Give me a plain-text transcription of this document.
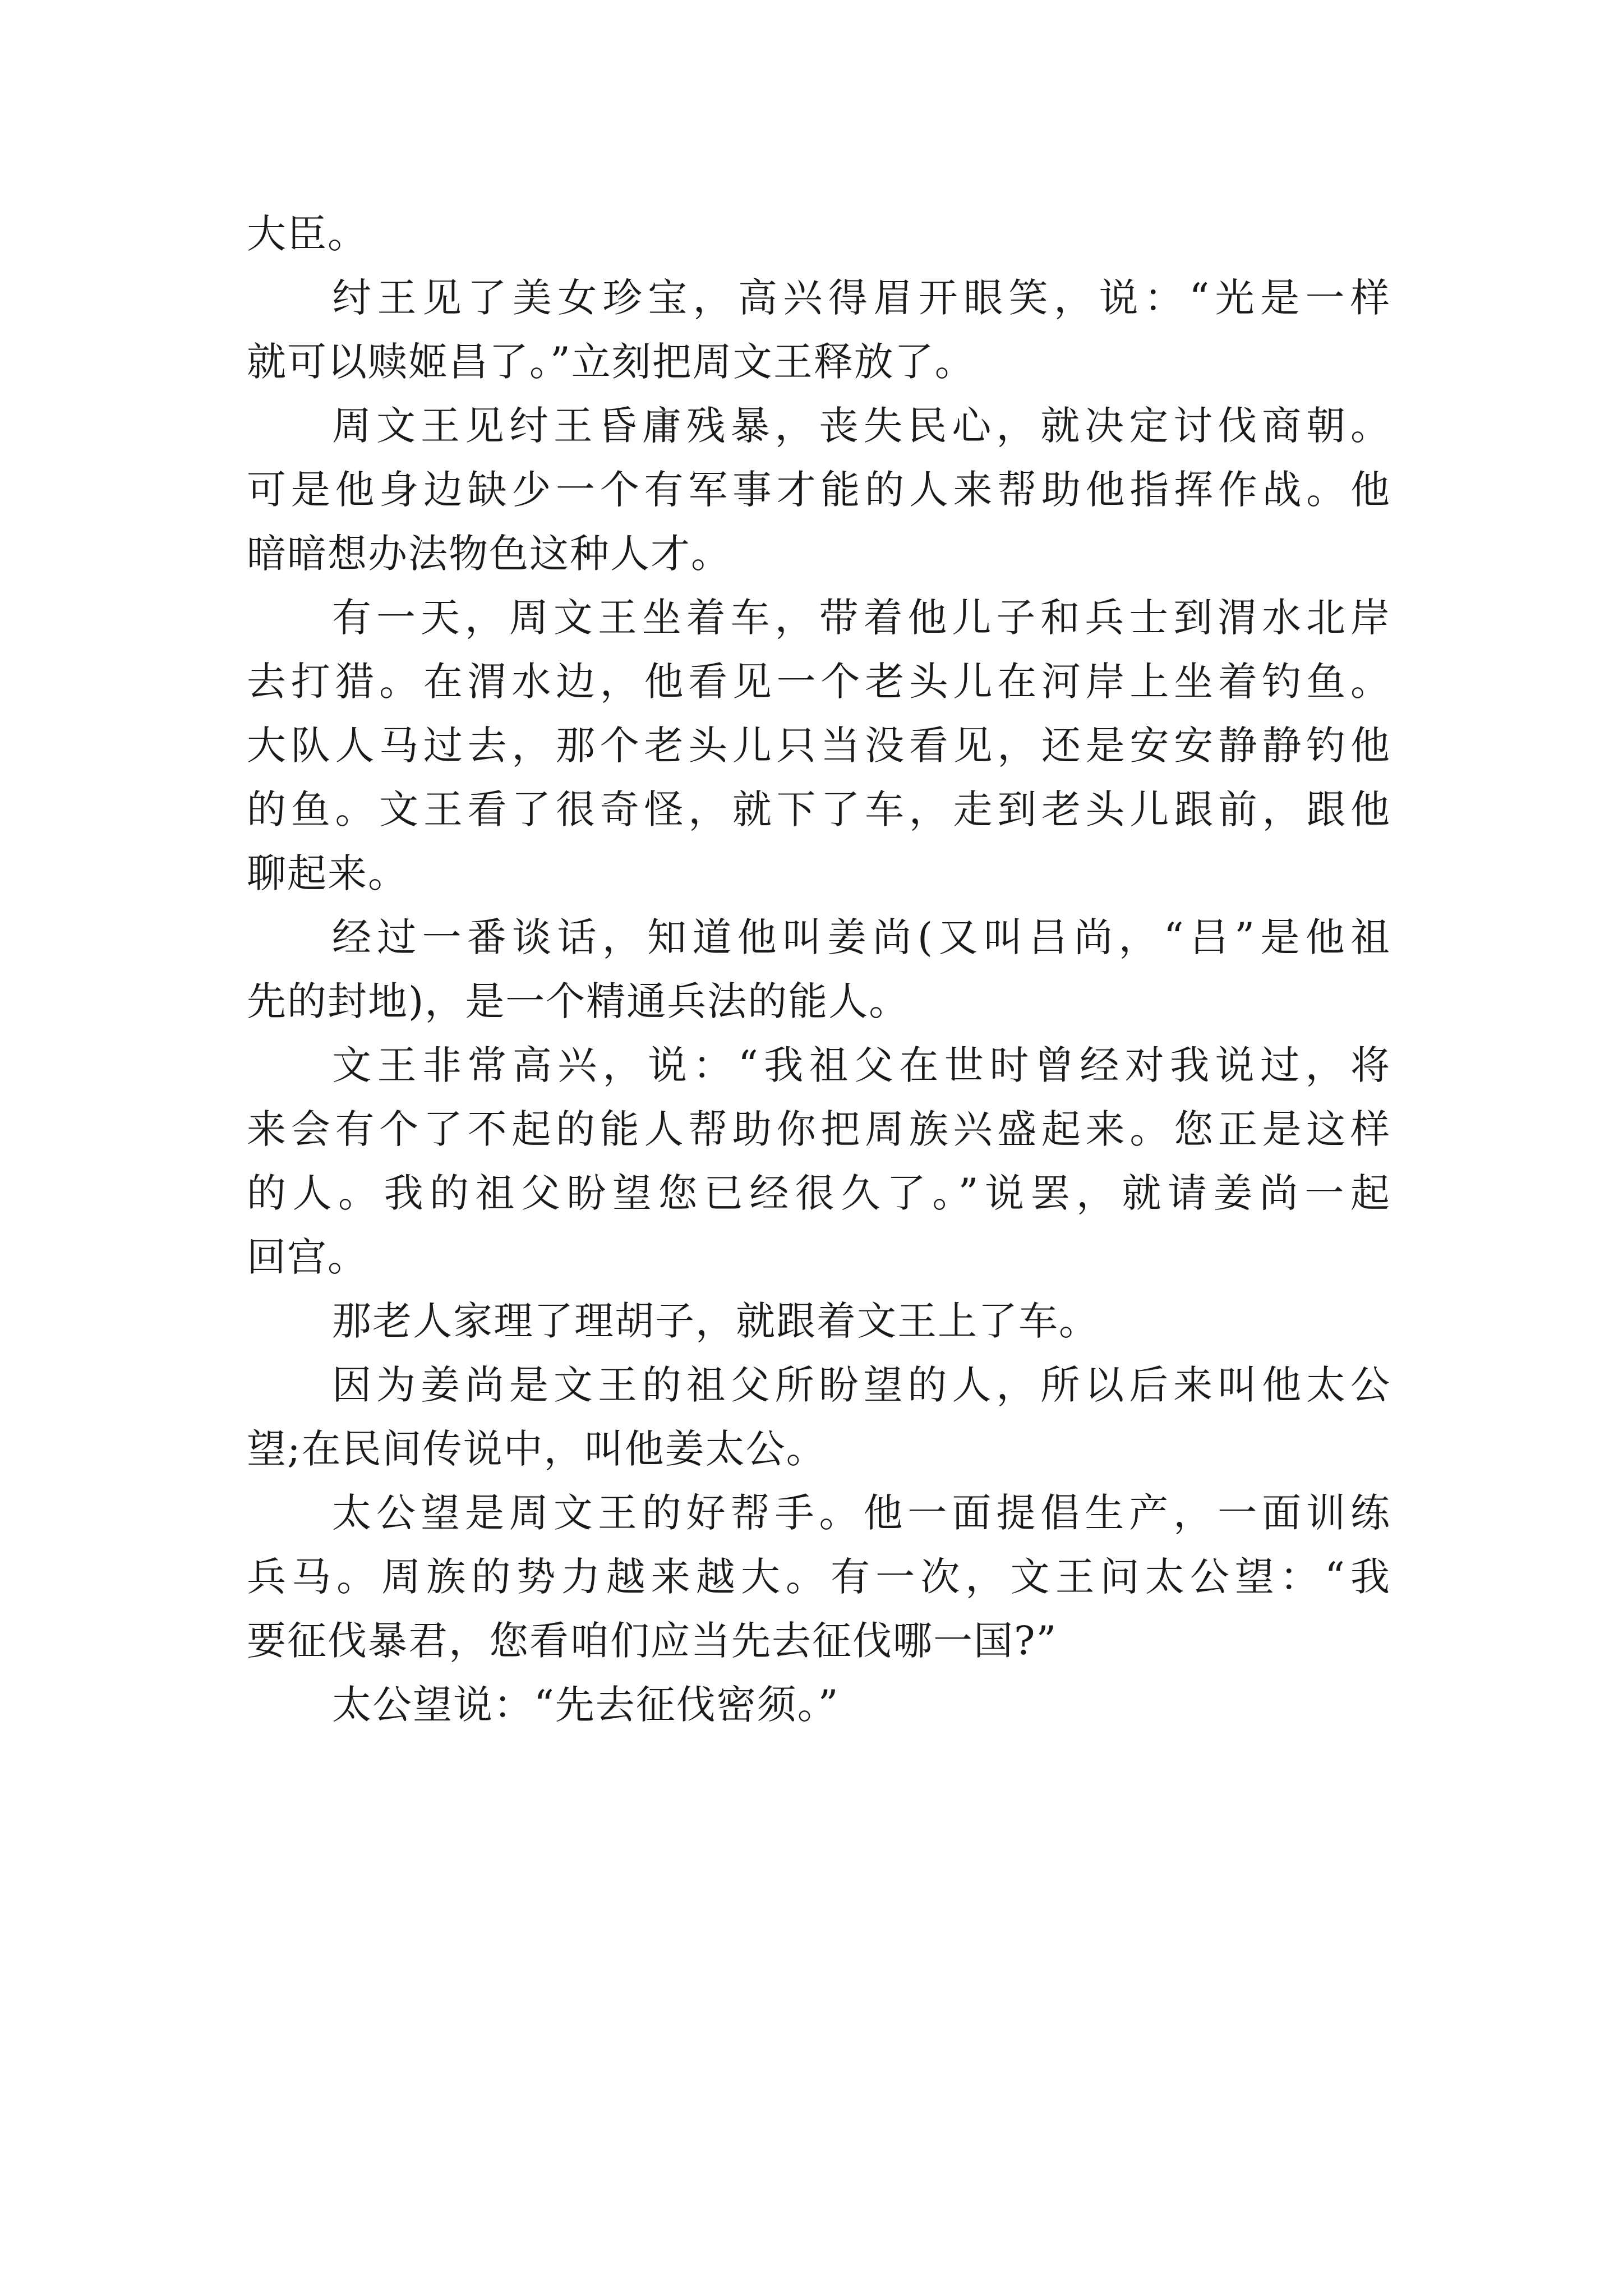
大臣。

纣王见了美女珍宝，高兴得眉开眼笑，说：“光是一样
就可以赎姬昌了。”立刻把周文王释放了。

周文王见纣王昏庸残暴，丧失民心，就决定讨伐商朝。
可是他身边缺少一个有军事才能的人来帮助他指挥作战。他
暗暗想办法物色这种人才。

有一天，周文王坐着车，带着他儿子和兵士到渭水北岸
去打猎。在渭水边，他看见一个老头儿在河岸上坐着钓鱼。
大队人马过去，那个老头儿只当没看见，还是安安静静钓他
的鱼。文王看了很奇怪，就下了车，走到老头儿跟前，跟他
聊起来。

经过一番谈话，知道他叫姜尚(又叫吕尚，“吕”是他祖
先的封地)，是一个精通兵法的能人。

文王非常高兴，说：“我祖父在世时曾经对我说过，将
来会有个了不起的能人帮助你把周族兴盛起来。您正是这样
的人。我的祖父盼望您已经很久了。”说罢，就请姜尚一起
回宫。

那老人家理了理胡子，就跟着文王上了车。

因为姜尚是文王的祖父所盼望的人，所以后来叫他太公
望;在民间传说中，叫他姜太公。

太公望是周文王的好帮手。他一面提倡生产，一面训练
兵马。周族的势力越来越大。有一次，文王问太公望：“我
要征伐暴君，您看咱们应当先去征伐哪一国?”

太公望说：“先去征伐密须。”
